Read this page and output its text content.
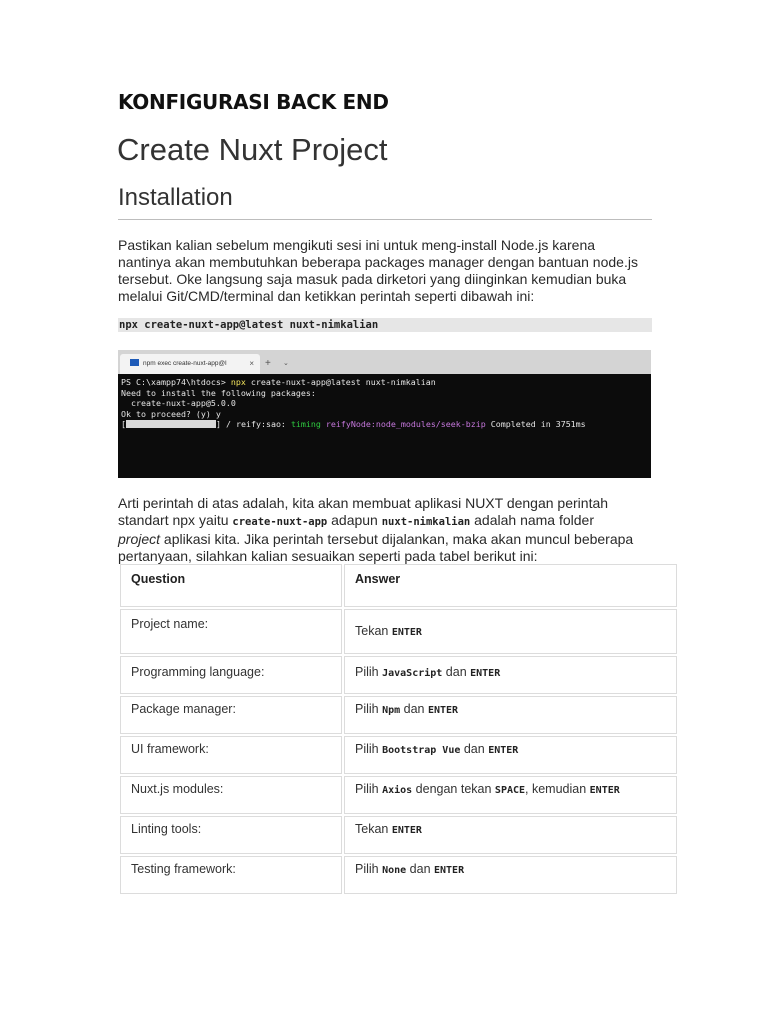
KONFIGURASI BACK END
Create Nuxt Project
Installation

Pastikan kalian sebelum mengikuti sesi ini untuk meng-install Node.js karena nantinya akan membutuhkan beberapa packages manager dengan bantuan node.js tersebut. Oke langsung saja masuk pada dirketori yang diinginkan kemudian buka melalui Git/CMD/terminal dan ketikkan perintah seperti dibawah ini:

npx create-nuxt-app@latest nuxt-nimkalian
npm exec create-nuxt-app@l	× + ⌄
PS C:\xampp74\htdocs> npx create-nuxt-app@latest nuxt-nimkalian
Need to install the following packages:
create-nuxt-app@5.0.0
Ok to proceed? (y) y
[	] / reify:sao: timing reifyNode:node_modules/seek-bzip Completed in 3751ms

Arti perintah di atas adalah, kita akan membuat aplikasi NUXT dengan perintah standart npx yaitu create-nuxt-app adapun nuxt-nimkalian adalah nama folder project aplikasi kita. Jika perintah tersebut dijalankan, maka akan muncul beberapa pertanyaan, silahkan kalian sesuaikan seperti pada tabel berikut ini:

Question	Answer
Project name:	Tekan ENTER
Programming language:	Pilih JavaScript dan ENTER
Package manager:	Pilih Npm dan ENTER
UI framework:	Pilih Bootstrap Vue dan ENTER
Nuxt.js modules:	Pilih Axios dengan tekan SPACE, kemudian ENTER
Linting tools:	Tekan ENTER
Testing framework:	Pilih None dan ENTER
